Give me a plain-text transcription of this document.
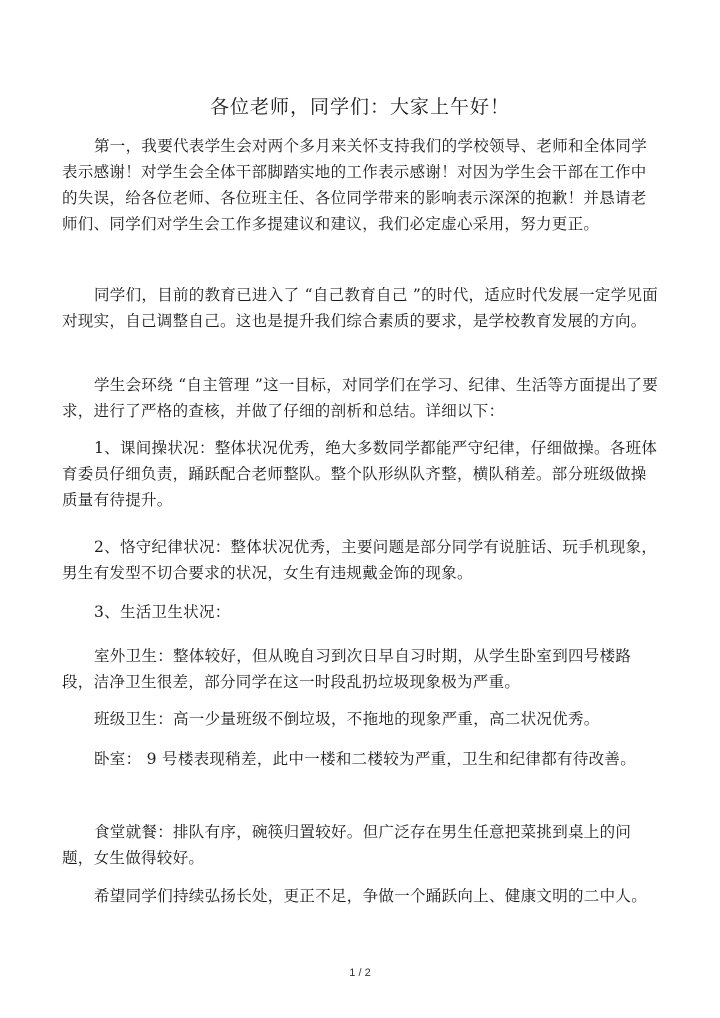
各位老师，同学们：大家上午好！

第一，我要代表学生会对两个多月来关怀支持我们的学校领导、老师和全体同学表示感谢！对学生会全体干部脚踏实地的工作表示感谢！对因为学生会干部在工作中的失误，给各位老师、各位班主任、各位同学带来的影响表示深深的抱歉！并恳请老师们、同学们对学生会工作多提建议和建议，我们必定虚心采用，努力更正。

同学们，目前的教育已进入了 “自己教育自己 ”的时代，适应时代发展一定学见面对现实，自己调整自己。这也是提升我们综合素质的要求，是学校教育发展的方向。

学生会环绕 “自主管理 ”这一目标，对同学们在学习、纪律、生活等方面提出了要求，进行了严格的查核，并做了仔细的剖析和总结。详细以下：

1、课间操状况：整体状况优秀，绝大多数同学都能严守纪律，仔细做操。各班体育委员仔细负责，踊跃配合老师整队。整个队形纵队齐整，横队稍差。部分班级做操质量有待提升。

2、恪守纪律状况：整体状况优秀，主要问题是部分同学有说脏话、玩手机现象，男生有发型不切合要求的状况，女生有违规戴金饰的现象。

3、生活卫生状况：

室外卫生：整体较好，但从晚自习到次日早自习时期，从学生卧室到四号楼路段，洁净卫生很差，部分同学在这一时段乱扔垃圾现象极为严重。

班级卫生：高一少量班级不倒垃圾，不拖地的现象严重，高二状况优秀。

卧室： 9 号楼表现稍差，此中一楼和二楼较为严重，卫生和纪律都有待改善。

食堂就餐：排队有序，碗筷归置较好。但广泛存在男生任意把菜挑到桌上的问题，女生做得较好。

希望同学们持续弘扬长处，更正不足，争做一个踊跃向上、健康文明的二中人。

1 / 2
